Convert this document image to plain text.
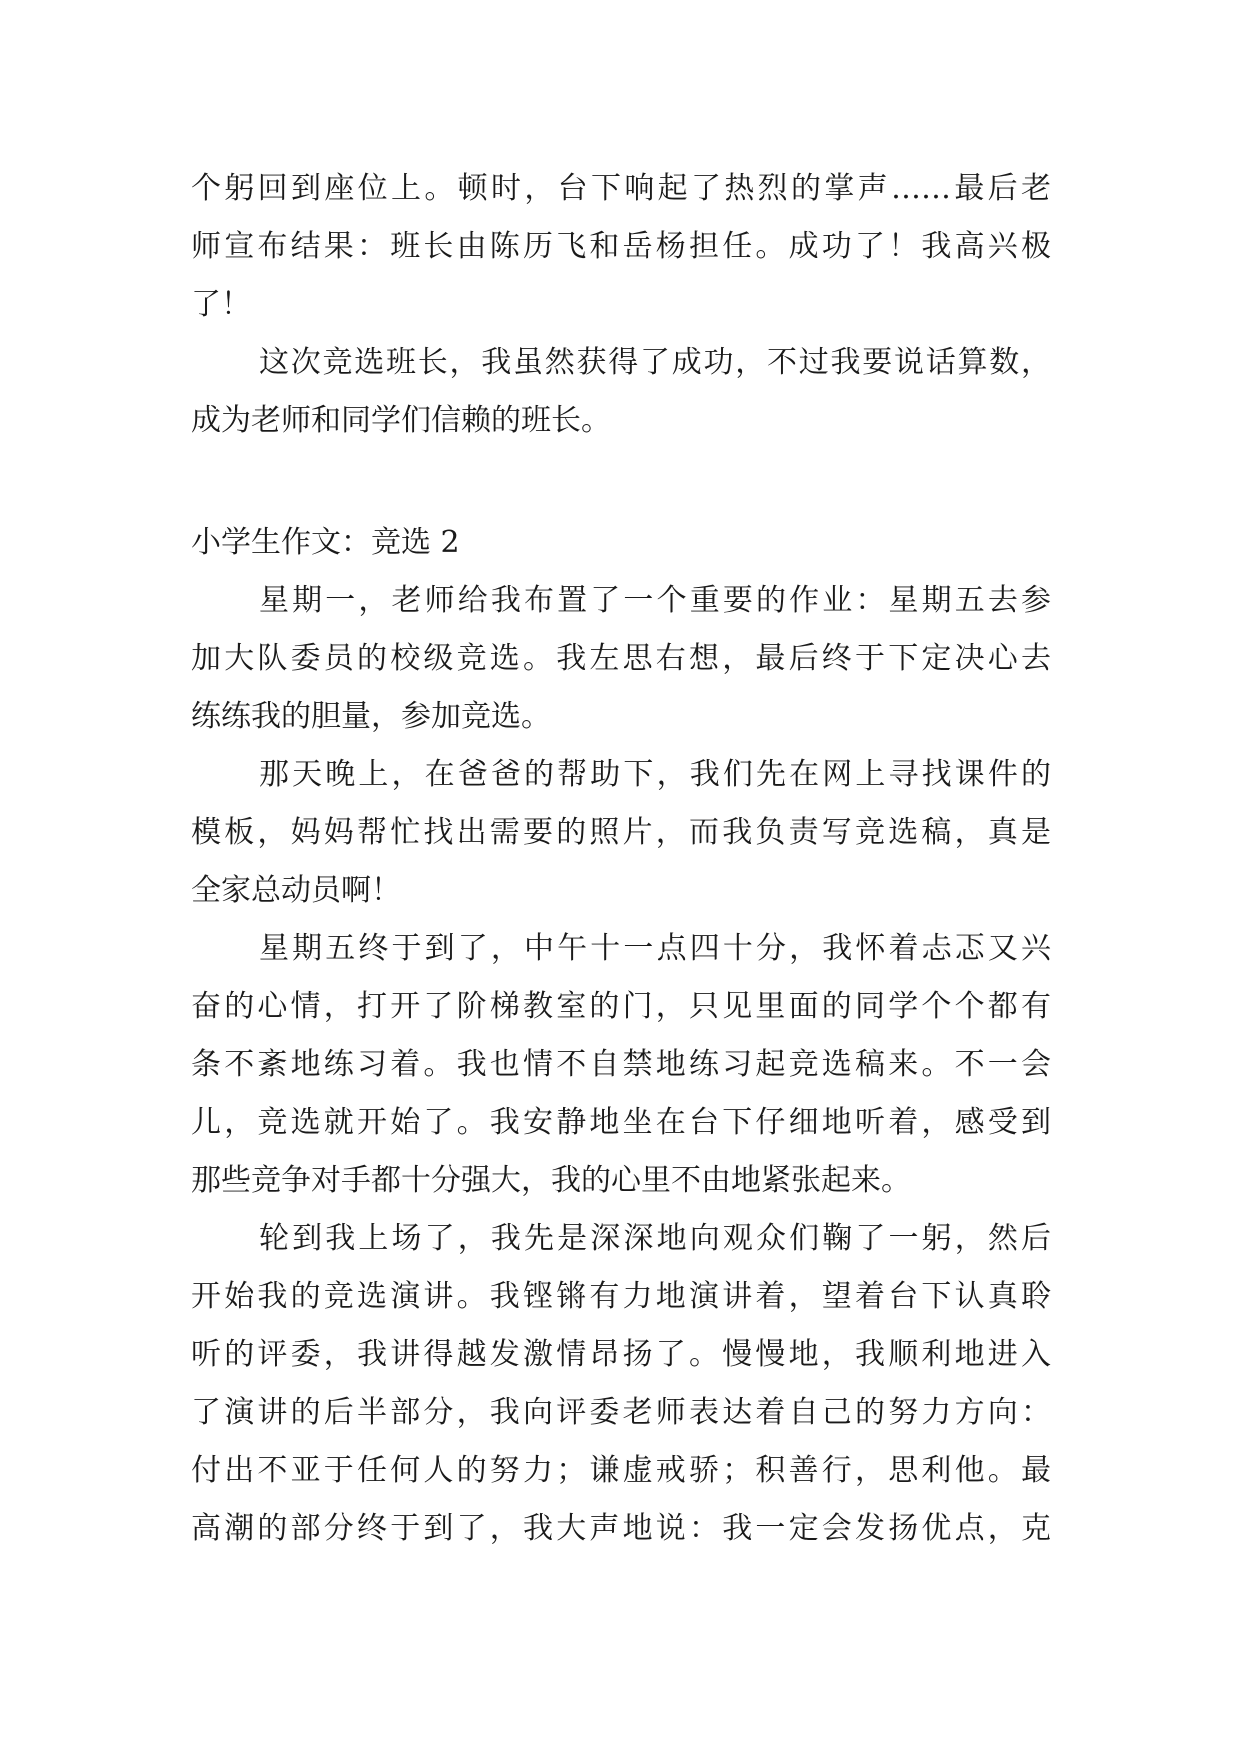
个躬回到座位上。顿时，台下响起了热烈的掌声……最后老
师宣布结果：班长由陈历飞和岳杨担任。成功了！我高兴极
了！
这次竞选班长，我虽然获得了成功，不过我要说话算数，
成为老师和同学们信赖的班长。
小学生作文：竞选 2
星期一，老师给我布置了一个重要的作业：星期五去参
加大队委员的校级竞选。我左思右想，最后终于下定决心去
练练我的胆量，参加竞选。
那天晚上，在爸爸的帮助下，我们先在网上寻找课件的
模板，妈妈帮忙找出需要的照片，而我负责写竞选稿，真是
全家总动员啊！
星期五终于到了，中午十一点四十分，我怀着忐忑又兴
奋的心情，打开了阶梯教室的门，只见里面的同学个个都有
条不紊地练习着。我也情不自禁地练习起竞选稿来。不一会
儿，竞选就开始了。我安静地坐在台下仔细地听着，感受到
那些竞争对手都十分强大，我的心里不由地紧张起来。
轮到我上场了，我先是深深地向观众们鞠了一躬，然后
开始我的竞选演讲。我铿锵有力地演讲着，望着台下认真聆
听的评委，我讲得越发激情昂扬了。慢慢地，我顺利地进入
了演讲的后半部分，我向评委老师表达着自己的努力方向：
付出不亚于任何人的努力；谦虚戒骄；积善行，思利他。最
高潮的部分终于到了，我大声地说：我一定会发扬优点，克
